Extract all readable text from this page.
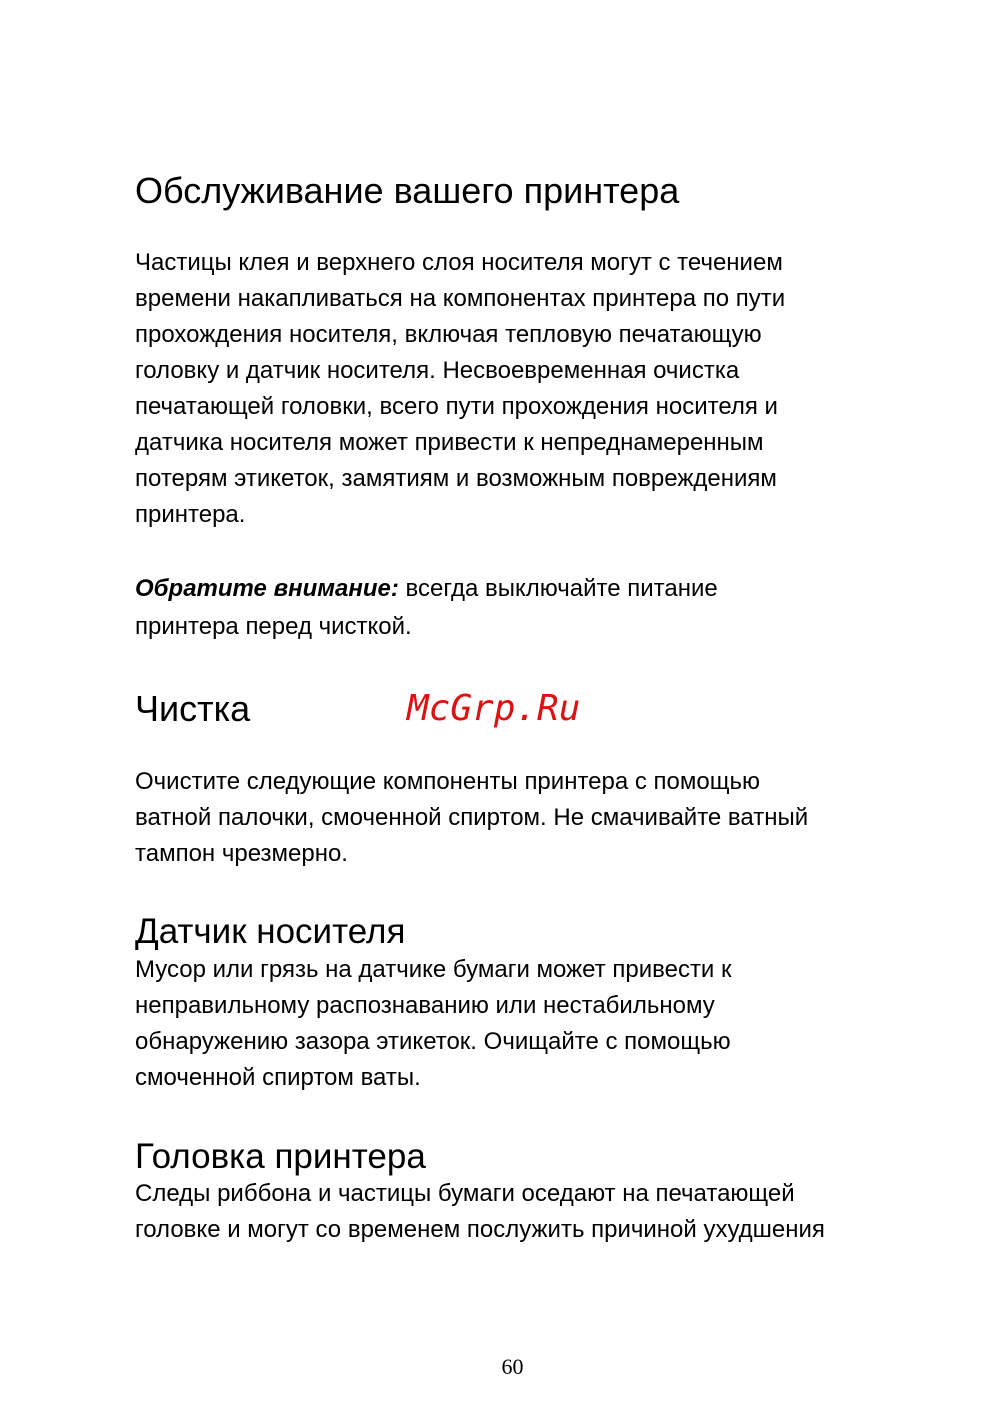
Обслуживание вашего принтера

Частицы клея и верхнего слоя носителя могут с течением
времени накапливаться на компонентах принтера по пути
прохождения носителя, включая тепловую печатающую
головку и датчик носителя. Несвоевременная очистка
печатающей головки, всего пути прохождения носителя и
датчика носителя может привести к непреднамеренным
потерям этикеток, замятиям и возможным повреждениям
принтера.

Обратите внимание: всегда выключайте питание
принтера перед чисткой.

Чистка	McGrp.Ru

Очистите следующие компоненты принтера с помощью
ватной палочки, смоченной спиртом. Не смачивайте ватный
тампон чрезмерно.

Датчик носителя

Мусор или грязь на датчике бумаги может привести к
неправильному распознаванию или нестабильному
обнаружению зазора этикеток. Очищайте с помощью
смоченной спиртом ваты.

Головка принтера

Следы риббона и частицы бумаги оседают на печатающей
головке и могут со временем послужить причиной ухудшения

60
